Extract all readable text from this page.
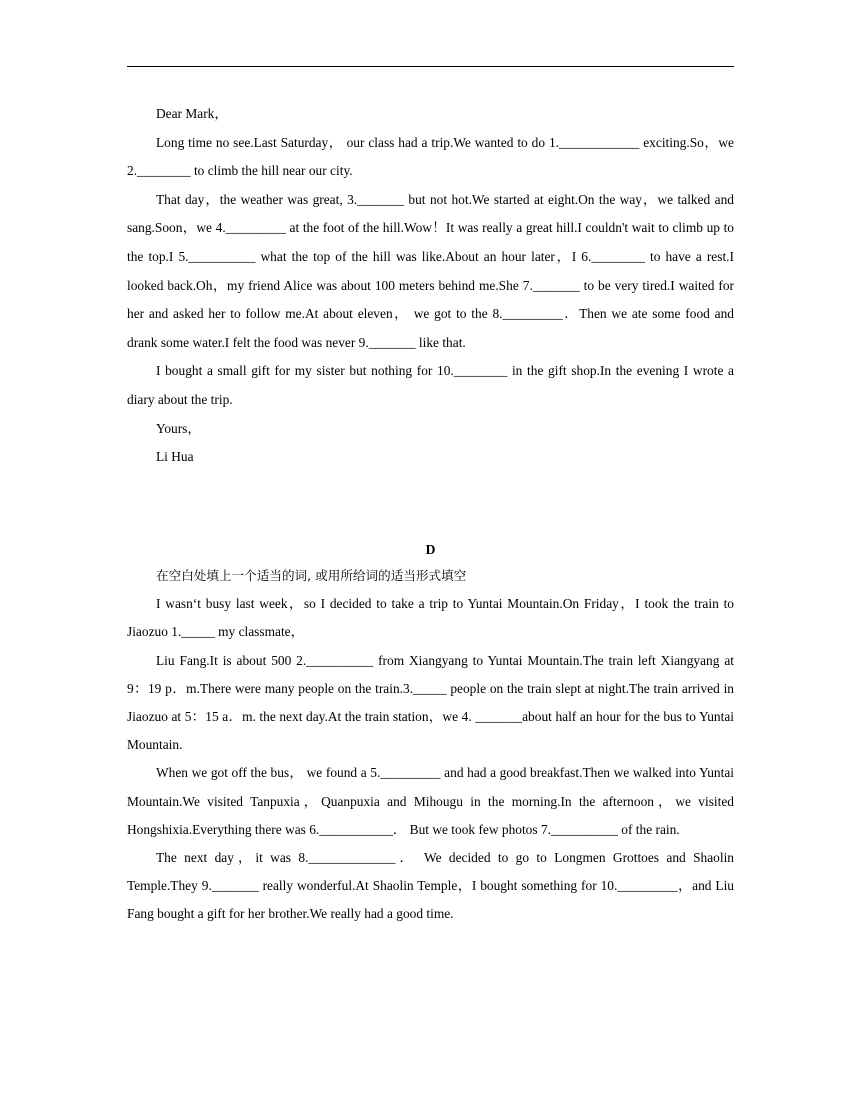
Dear Mark，

Long time no see.Last Saturday， our class had a trip.We wanted to do 1.____________ exciting.So，we 2.________ to climb the hill near our city.

That day，the weather was great, 3._______ but not hot.We started at eight.On the way，we talked and sang.Soon，we 4._________ at the foot of the hill.Wow！It was really a great hill.I couldn't wait to climb up to the top.I 5.__________ what the top of the hill was like.About an hour later，I 6.________ to have a rest.I looked back.Oh，my friend Alice was about 100 meters behind me.She 7._______ to be very tired.I waited for her and asked her to follow me.At about eleven， we got to the 8._________．Then we ate some food and drank some water.I felt the food was never 9._______ like that.

I bought a small gift for my sister but nothing for 10.________ in the gift shop.In the evening I wrote a diary about the trip.

Yours，

Li Hua

D

在空白处填上一个适当的词, 或用所给词的适当形式填空

I wasn‘t busy last week，so I decided to take a trip to Yuntai Mountain.On Friday，I took the train to Jiaozuo 1._____ my classmate，

Liu Fang.It is about 500 2.__________ from Xiangyang to Yuntai Mountain.The train left Xiangyang at 9：19 p．m.There were many people on the train.3._____ people on the train slept at night.The train arrived in Jiaozuo at 5：15 a．m. the next day.At the train station，we 4. _______about half an hour for the bus to Yuntai Mountain.

When we got off the bus， we found a 5._________ and had a good breakfast.Then we walked into Yuntai Mountain.We visited Tanpuxia，Quanpuxia and Mihougu in the morning.In the afternoon，we visited Hongshixia.Everything there was 6.___________． But we took few photos 7.__________ of the rain.

The next day，it was 8._____________． We decided to go to Longmen Grottoes and Shaolin Temple.They 9._______ really wonderful.At Shaolin Temple，I bought something for 10._________，and Liu Fang bought a gift for her brother.We really had a good time.
